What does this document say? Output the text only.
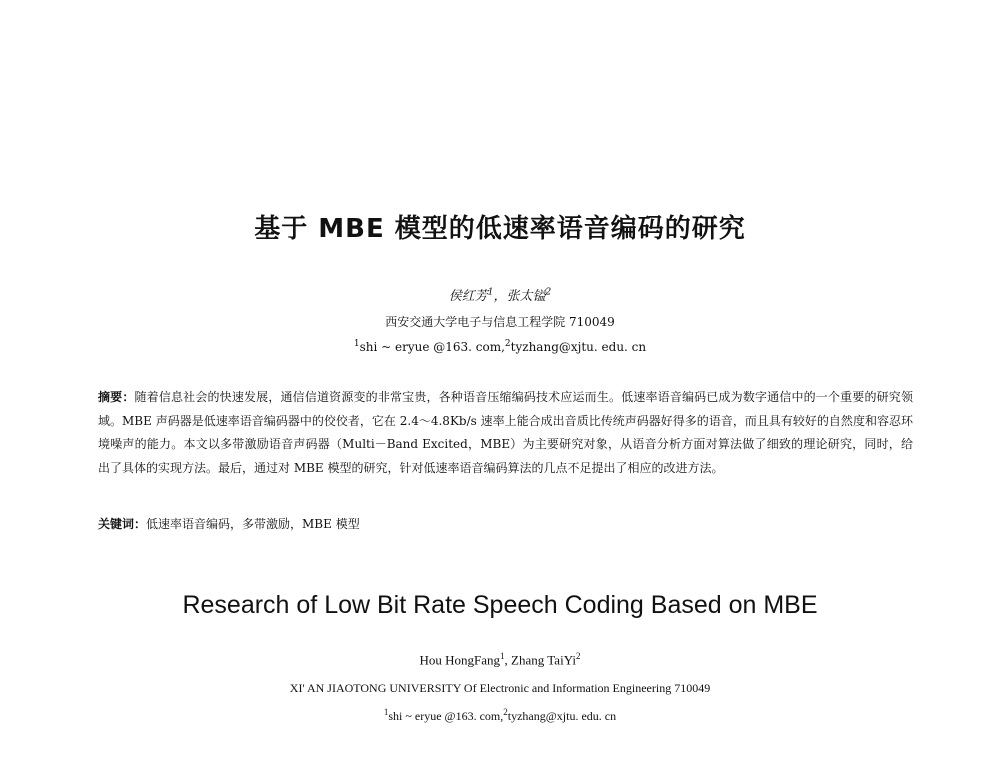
基于 MBE 模型的低速率语音编码的研究
侯红芳$^1$，张太镒$^2$
西安交通大学电子与信息工程学院 710049
$^1$shi ~ eryue @163. com,$^2$tyzhang@xjtu. edu. cn
摘要：随着信息社会的快速发展，通信信道资源变的非常宝贵，各种语音压缩编码技术应运而生。低速率语音编码已成为数字通信中的一个重要的研究领域。MBE 声码器是低速率语音编码器中的佼佼者，它在 2.4～4.8Kb/s 速率上能合成出音质比传统声码器好得多的语音，而且具有较好的自然度和容忍环境噪声的能力。本文以多带激励语音声码器（Multi－Band Excited，MBE）为主要研究对象，从语音分析方面对算法做了细致的理论研究，同时，给出了具体的实现方法。最后，通过对 MBE 模型的研究，针对低速率语音编码算法的几点不足提出了相应的改进方法。
关键词：低速率语音编码，多带激励，MBE 模型
Research of Low Bit Rate Speech Coding Based on MBE
Hou HongFang$^1$, Zhang TaiYi$^2$
XI' AN JIAOTONG UNIVERSITY Of Electronic and Information Engineering 710049
$^1$shi ~ eryue @163. com,$^2$tyzhang@xjtu. edu. cn
